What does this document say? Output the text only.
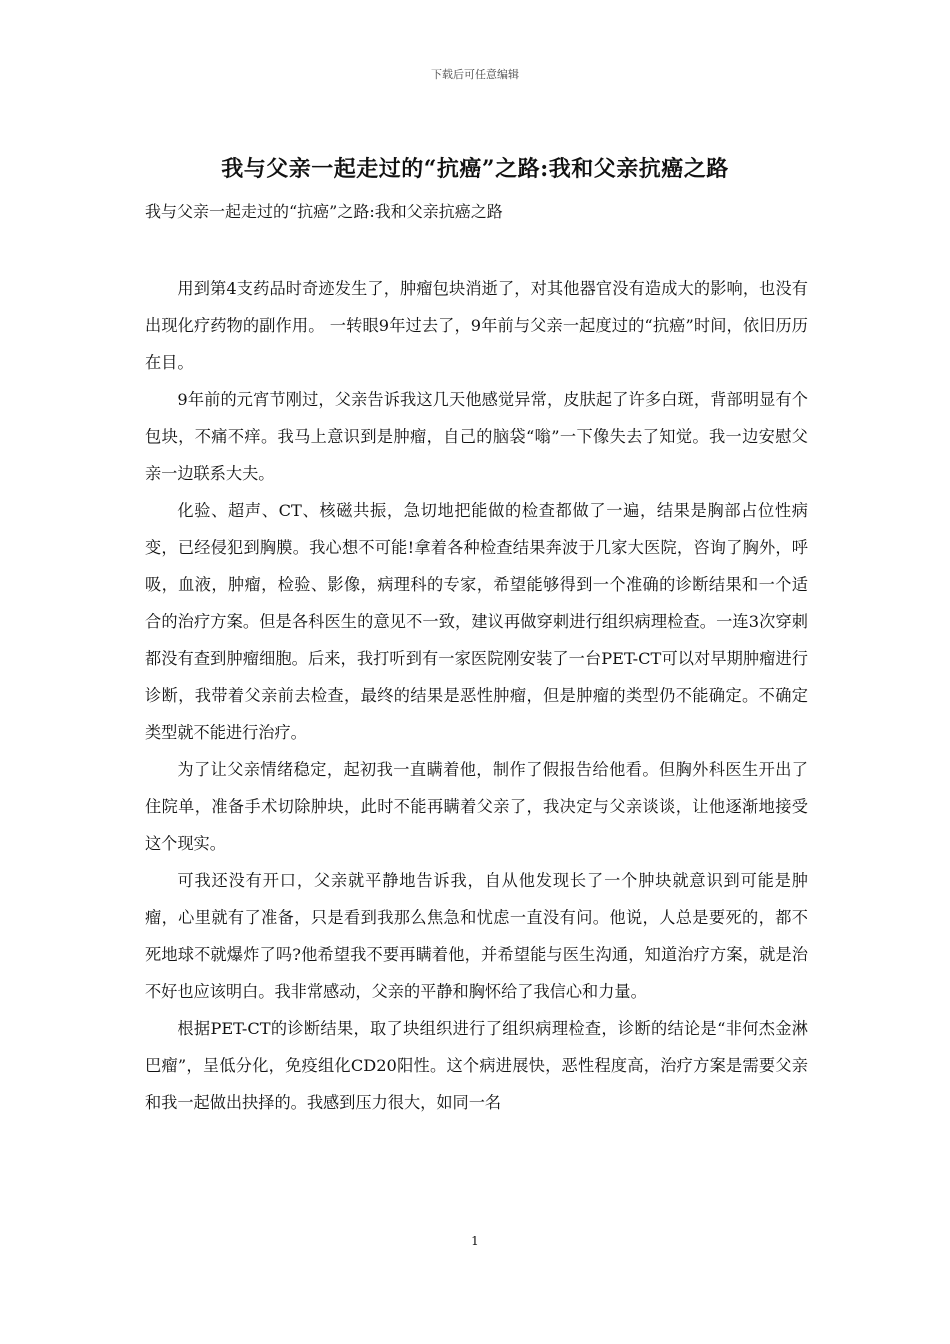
下载后可任意编辑
我与父亲一起走过的“抗癌”之路:我和父亲抗癌之路
我与父亲一起走过的“抗癌”之路:我和父亲抗癌之路

用到第4支药品时奇迹发生了，肿瘤包块消逝了，对其他器官没有造成大的影响，也没有出现化疗药物的副作用。 一转眼9年过去了，9年前与父亲一起度过的“抗癌”时间，依旧历历在目。

9年前的元宵节刚过，父亲告诉我这几天他感觉异常，皮肤起了许多白斑，背部明显有个包块，不痛不痒。我马上意识到是肿瘤，自己的脑袋“嗡”一下像失去了知觉。我一边安慰父亲一边联系大夫。

化验、超声、CT、核磁共振，急切地把能做的检查都做了一遍，结果是胸部占位性病变，已经侵犯到胸膜。我心想不可能!拿着各种检查结果奔波于几家大医院，咨询了胸外，呼吸，血液，肿瘤，检验、影像，病理科的专家，希望能够得到一个准确的诊断结果和一个适合的治疗方案。但是各科医生的意见不一致，建议再做穿刺进行组织病理检查。一连3次穿刺都没有查到肿瘤细胞。后来，我打听到有一家医院刚安装了一台PET-CT可以对早期肿瘤进行诊断，我带着父亲前去检查，最终的结果是恶性肿瘤，但是肿瘤的类型仍不能确定。不确定类型就不能进行治疗。

为了让父亲情绪稳定，起初我一直瞒着他，制作了假报告给他看。但胸外科医生开出了住院单，准备手术切除肿块，此时不能再瞒着父亲了，我决定与父亲谈谈，让他逐渐地接受这个现实。

可我还没有开口，父亲就平静地告诉我，自从他发现长了一个肿块就意识到可能是肿瘤，心里就有了准备，只是看到我那么焦急和忧虑一直没有问。他说，人总是要死的，都不死地球不就爆炸了吗?他希望我不要再瞒着他，并希望能与医生沟通，知道治疗方案，就是治不好也应该明白。我非常感动，父亲的平静和胸怀给了我信心和力量。

根据PET-CT的诊断结果，取了块组织进行了组织病理检查，诊断的结论是“非何杰金淋巴瘤”，呈低分化，免疫组化CD20阳性。这个病进展快，恶性程度高，治疗方案是需要父亲和我一起做出抉择的。我感到压力很大，如同一名

1
